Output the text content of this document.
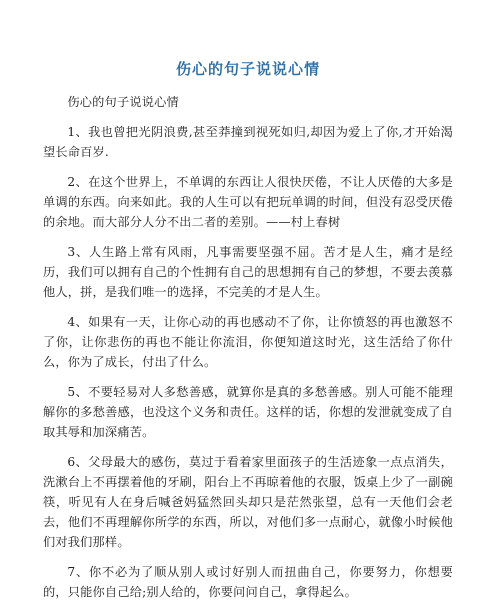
伤心的句子说说心情

伤心的句子说说心情

1、我也曾把光阴浪费,甚至莽撞到视死如归,却因为爱上了你,才开始渴望长命百岁.

2、在这个世界上，不单调的东西让人很快厌倦，不让人厌倦的大多是单调的东西。向来如此。我的人生可以有把玩单调的时间，但没有忍受厌倦的余地。而大部分人分不出二者的差别。——村上春树

3、人生路上常有风雨，凡事需要坚强不屈。苦才是人生，痛才是经历，我们可以拥有自己的个性拥有自己的思想拥有自己的梦想，不要去羡慕他人，拼，是我们唯一的选择，不完美的才是人生。

4、如果有一天，让你心动的再也感动不了你，让你愤怒的再也激怒不了你，让你悲伤的再也不能让你流泪，你便知道这时光，这生活给了你什么，你为了成长，付出了什么。

5、不要轻易对人多愁善感，就算你是真的多愁善感。别人可能不能理解你的多愁善感，也没这个义务和责任。这样的话，你想的发泄就变成了自取其辱和加深痛苦。

6、父母最大的感伤，莫过于看着家里面孩子的生活迹象一点点消失，洗漱台上不再摆着他的牙刷，阳台上不再晾着他的衣服，饭桌上少了一副碗筷，听见有人在身后喊爸妈猛然回头却只是茫然张望，总有一天他们会老去，他们不再理解你所学的东西，所以，对他们多一点耐心，就像小时候他们对我们那样。

7、你不必为了顺从别人或讨好别人而扭曲自己，你要努力，你想要的，只能你自己给;别人给的，你要问问自己，拿得起么。
